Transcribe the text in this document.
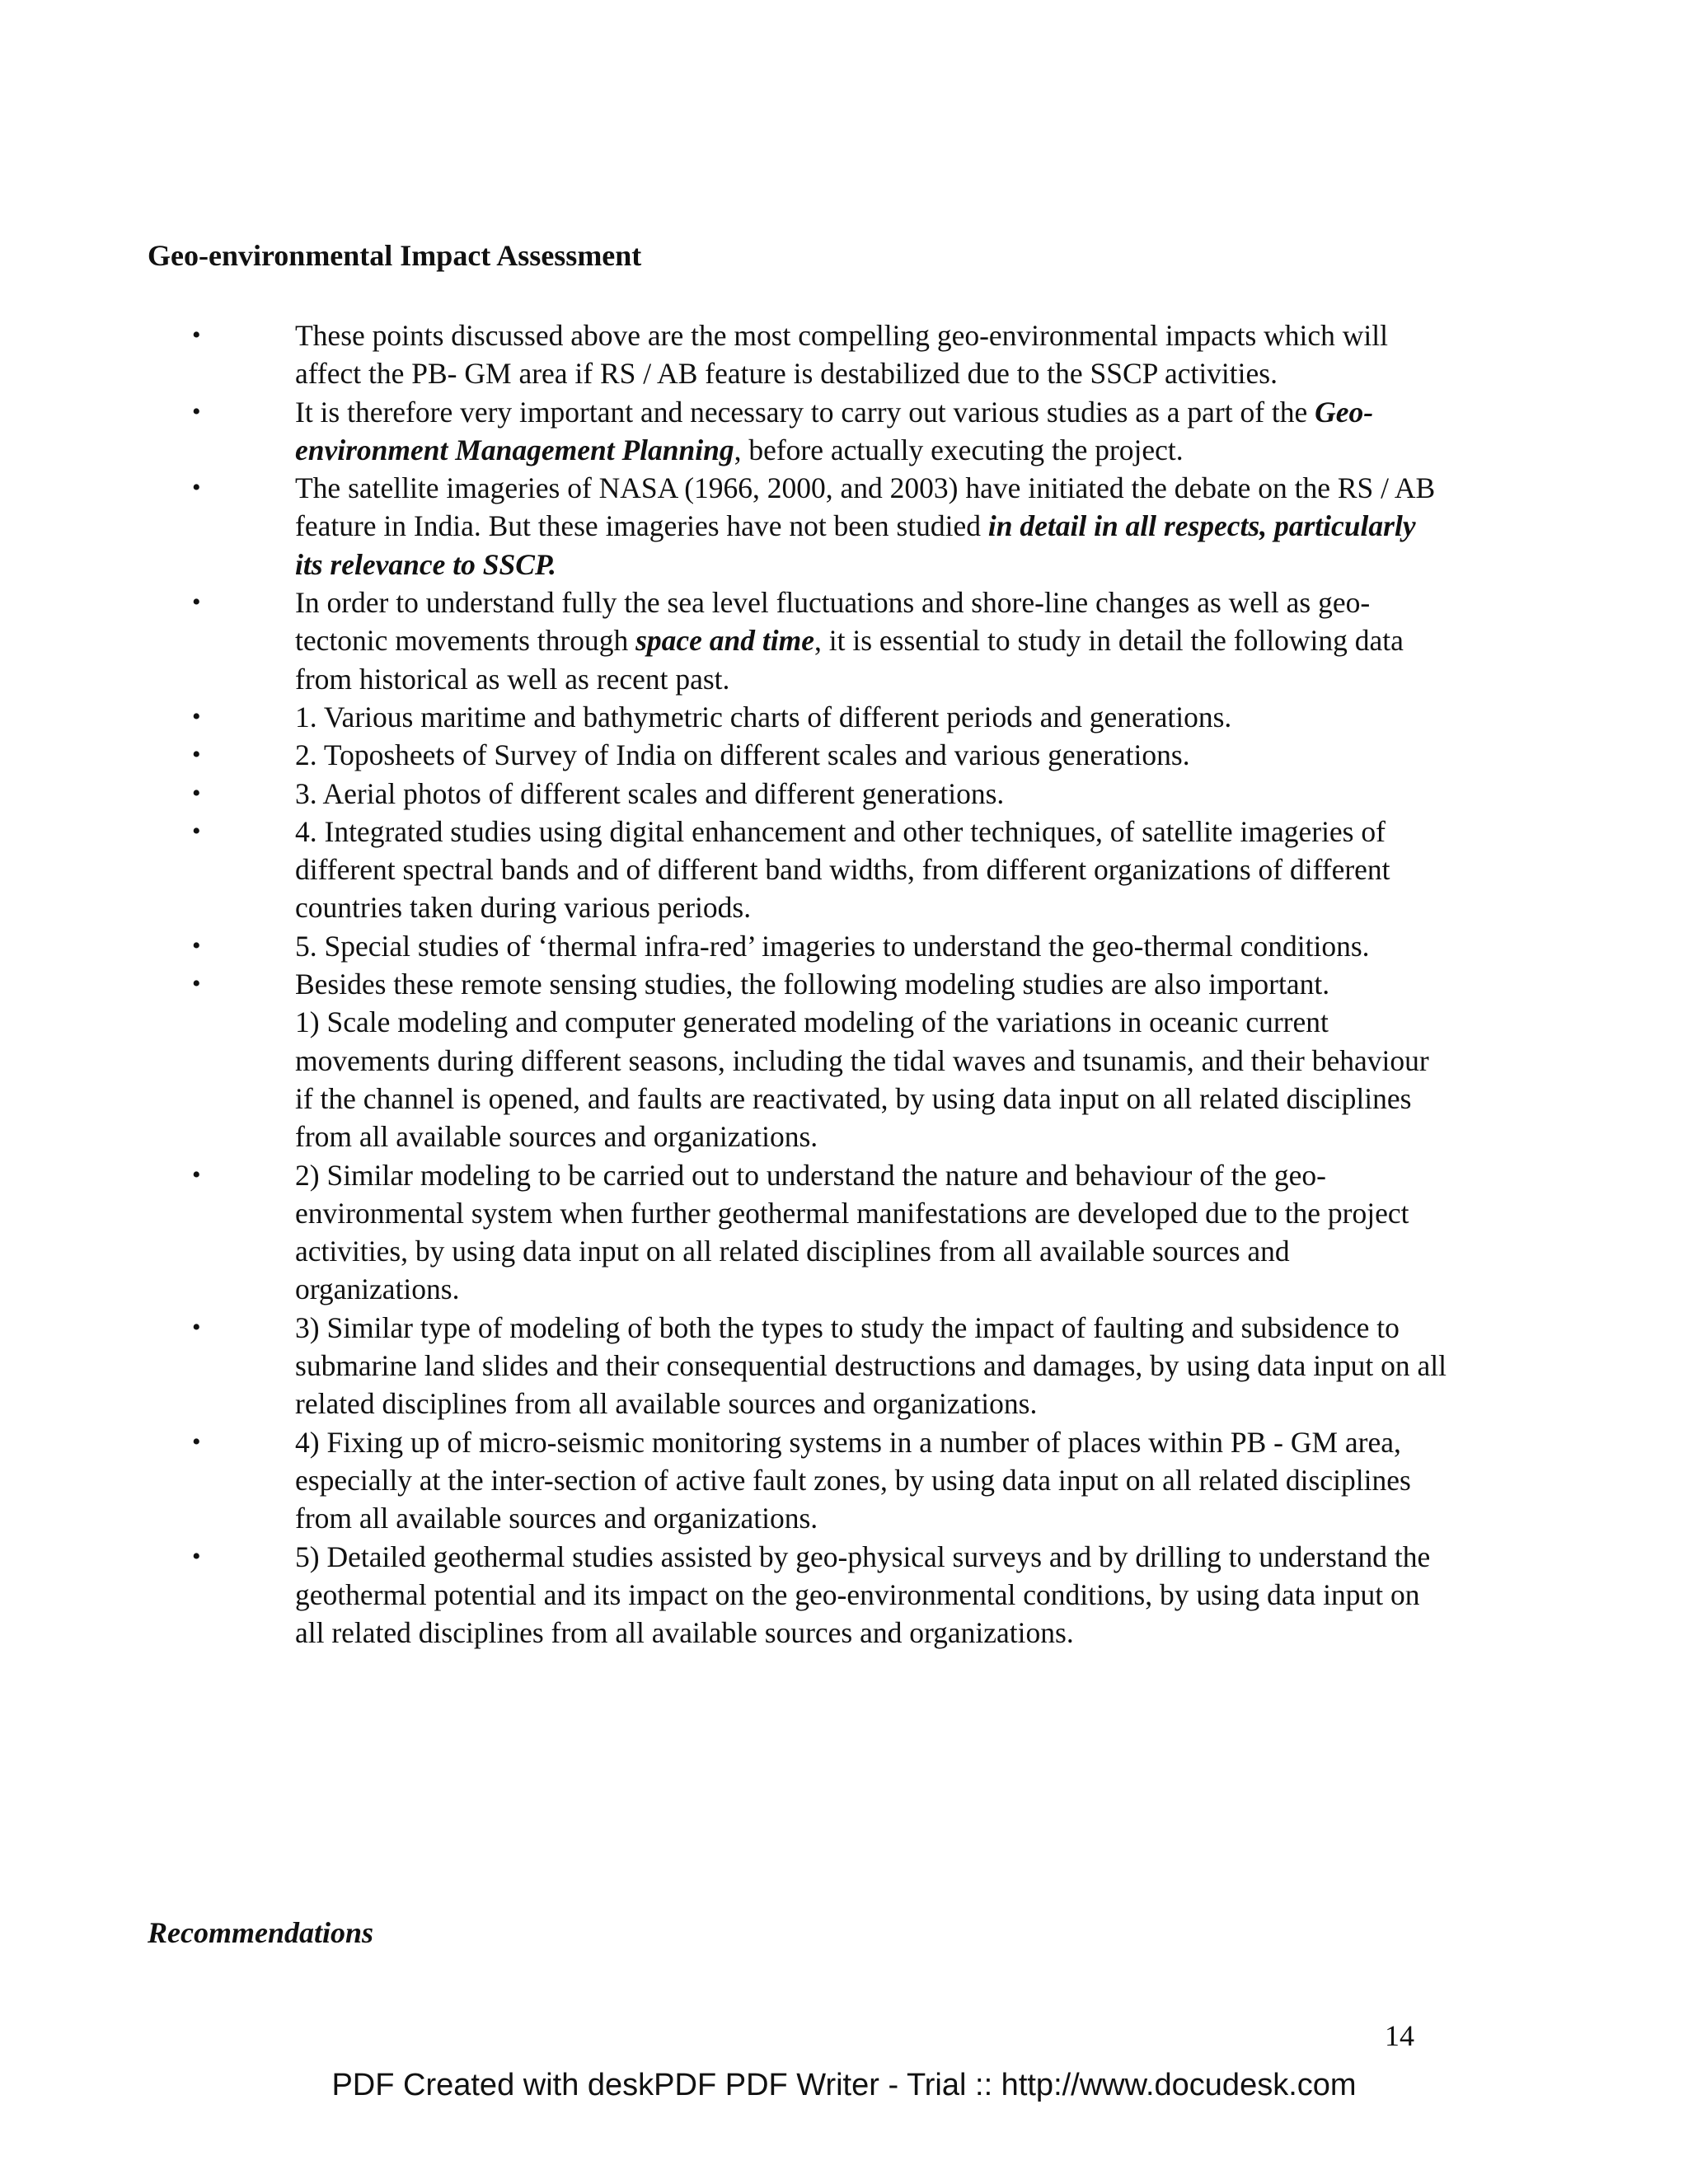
Geo-environmental Impact Assessment
•	These points discussed above are the most compelling geo-environmental impacts which will affect the PB- GM area if RS / AB feature is destabilized due to the SSCP activities.
•	It is therefore very important and necessary to carry out various studies as a part of the Geo-environment Management Planning, before actually executing the project.
•	The satellite imageries of NASA (1966, 2000, and 2003) have initiated the debate on the RS / AB feature in India. But these imageries have not been studied in detail in all respects, particularly its relevance to SSCP.
•	In order to understand fully the sea level fluctuations and shore-line changes as well as geo-tectonic movements through space and time, it is essential to study in detail the following data from historical as well as recent past.
•	1. Various maritime and bathymetric charts of different periods and generations.
•	2. Toposheets of Survey of India on different scales and various generations.
•	3. Aerial photos of different scales and different generations.
•	4. Integrated studies using digital enhancement and other techniques, of satellite imageries of different spectral bands and of different band widths, from different organizations of different countries taken during various periods.
•	5. Special studies of ‘thermal infra-red’ imageries to understand the geo-thermal conditions.
•	Besides these remote sensing studies, the following modeling studies are also important.
1) Scale modeling and computer generated modeling of the variations in oceanic current movements during different seasons, including the tidal waves and tsunamis, and their behaviour if the channel is opened, and faults are reactivated, by using data input on all related disciplines from all available sources and organizations.
•	2) Similar modeling to be carried out to understand the nature and behaviour of the geo-environmental system when further geothermal manifestations are developed due to the project activities, by using data input on all related disciplines from all available sources and organizations.
•	3) Similar type of modeling of both the types to study the impact of faulting and subsidence to submarine land slides and their consequential destructions and damages, by using data input on all related disciplines from all available sources and organizations.
•	4) Fixing up of micro-seismic monitoring systems in a number of places within PB - GM area, especially at the inter-section of active fault zones, by using data input on all related disciplines from all available sources and organizations.
•	5) Detailed geothermal studies assisted by geo-physical surveys and by drilling to understand the geothermal potential and its impact on the geo-environmental conditions, by using data input on all related disciplines from all available sources and organizations.
Recommendations
14
PDF Created with deskPDF PDF Writer - Trial :: http://www.docudesk.com
